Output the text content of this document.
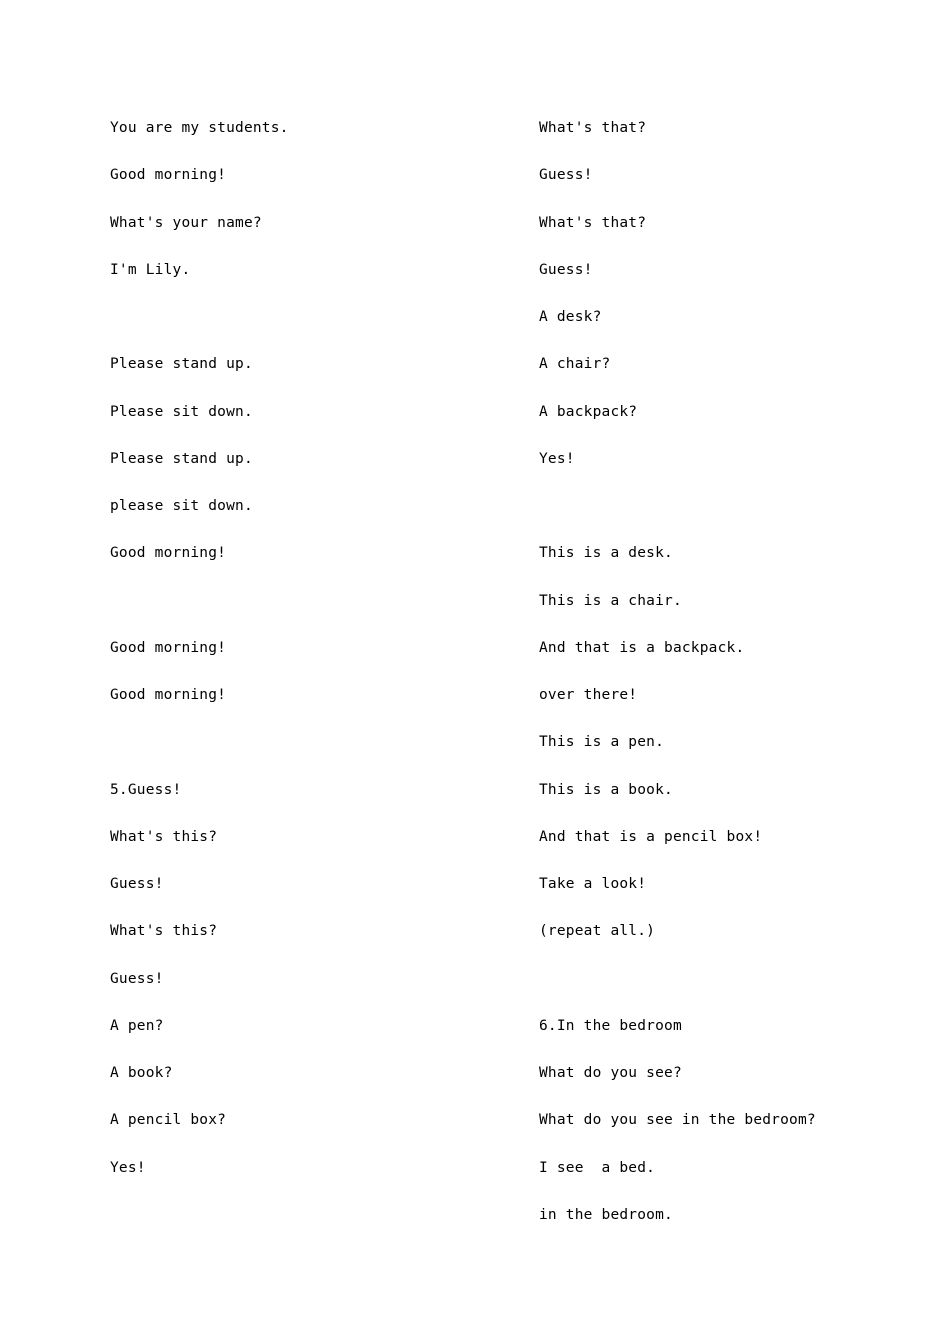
You are my students.
Good morning!
What's your name?
I'm Lily.
Please stand up.
Please sit down.
Please stand up.
please sit down.
Good morning!
Good morning!
Good morning!
5.Guess!
What's this?
Guess!
What's this?
Guess!
A pen?
A book?
A pencil box?
Yes!
What's that?
Guess!
What's that?
Guess!
A desk?
A chair?
A backpack?
Yes!
This is a desk.
This is a chair.
And that is a backpack.
over there!
This is a pen.
This is a book.
And that is a pencil box!
Take a look!
(repeat all.)
6.In the bedroom
What do you see?
What do you see in the bedroom?
I see  a bed.
in the bedroom.
